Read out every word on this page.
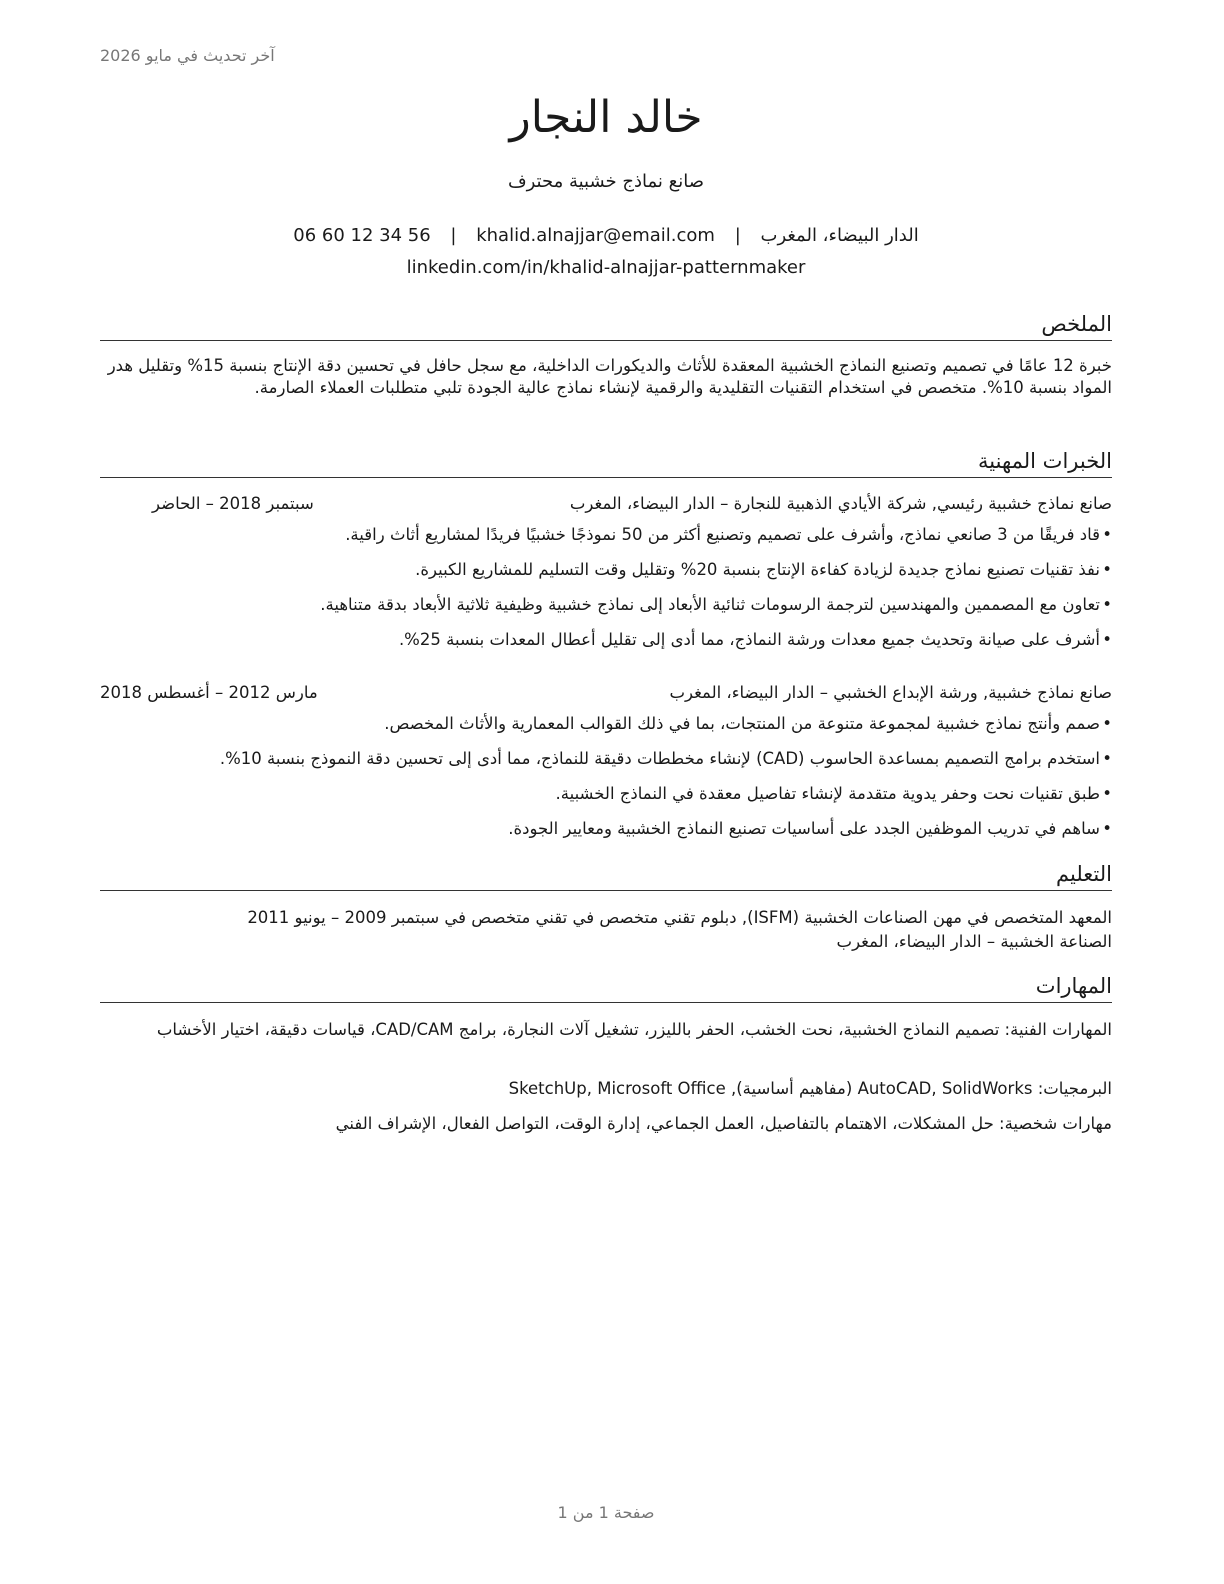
آخر تحديث في مايو 2026
خالد النجار
صانع نماذج خشبية محترف
الدار البيضاء، المغرب | khalid.alnajjar@email.com | 06 60 12 34 56
linkedin.com/in/khalid-alnajjar-patternmaker
الملخص

خبرة 12 عامًا في تصميم وتصنيع النماذج الخشبية المعقدة للأثاث والديكورات الداخلية، مع سجل حافل في تحسين دقة الإنتاج بنسبة 15% وتقليل هدر المواد بنسبة 10%. متخصص في استخدام التقنيات التقليدية والرقمية لإنشاء نماذج عالية الجودة تلبي متطلبات العملاء الصارمة.

الخبرات المهنية
صانع نماذج خشبية رئيسي, شركة الأيادي الذهبية للنجارة – الدار البيضاء، المغرب
سبتمبر 2018 – الحاضر
•قاد فريقًا من 3 صانعي نماذج، وأشرف على تصميم وتصنيع أكثر من 50 نموذجًا خشبيًا فريدًا لمشاريع أثاث راقية.
•نفذ تقنيات تصنيع نماذج جديدة لزيادة كفاءة الإنتاج بنسبة 20% وتقليل وقت التسليم للمشاريع الكبيرة.
•تعاون مع المصممين والمهندسين لترجمة الرسومات ثنائية الأبعاد إلى نماذج خشبية وظيفية ثلاثية الأبعاد بدقة متناهية.
•أشرف على صيانة وتحديث جميع معدات ورشة النماذج، مما أدى إلى تقليل أعطال المعدات بنسبة 25%.
صانع نماذج خشبية, ورشة الإبداع الخشبي – الدار البيضاء، المغرب
مارس 2012 – أغسطس 2018
•صمم وأنتج نماذج خشبية لمجموعة متنوعة من المنتجات، بما في ذلك القوالب المعمارية والأثاث المخصص.
•استخدم برامج التصميم بمساعدة الحاسوب (CAD) لإنشاء مخططات دقيقة للنماذج، مما أدى إلى تحسين دقة النموذج بنسبة 10%.
•طبق تقنيات نحت وحفر يدوية متقدمة لإنشاء تفاصيل معقدة في النماذج الخشبية.
•ساهم في تدريب الموظفين الجدد على أساسيات تصنيع النماذج الخشبية ومعايير الجودة.
التعليم

المعهد المتخصص في مهن الصناعات الخشبية (ISFM), دبلوم تقني متخصص في تقني متخصص في سبتمبر 2009 – يونيو 2011

الصناعة الخشبية – الدار البيضاء، المغرب

المهارات

المهارات الفنية: تصميم النماذج الخشبية، نحت الخشب، الحفر بالليزر، تشغيل آلات النجارة، برامج CAD/CAM، قياسات دقيقة، اختيار الأخشاب

البرمجيات: AutoCAD, SolidWorks (مفاهيم أساسية), SketchUp, Microsoft Office

مهارات شخصية: حل المشكلات، الاهتمام بالتفاصيل، العمل الجماعي، إدارة الوقت، التواصل الفعال، الإشراف الفني

صفحة 1 من 1
